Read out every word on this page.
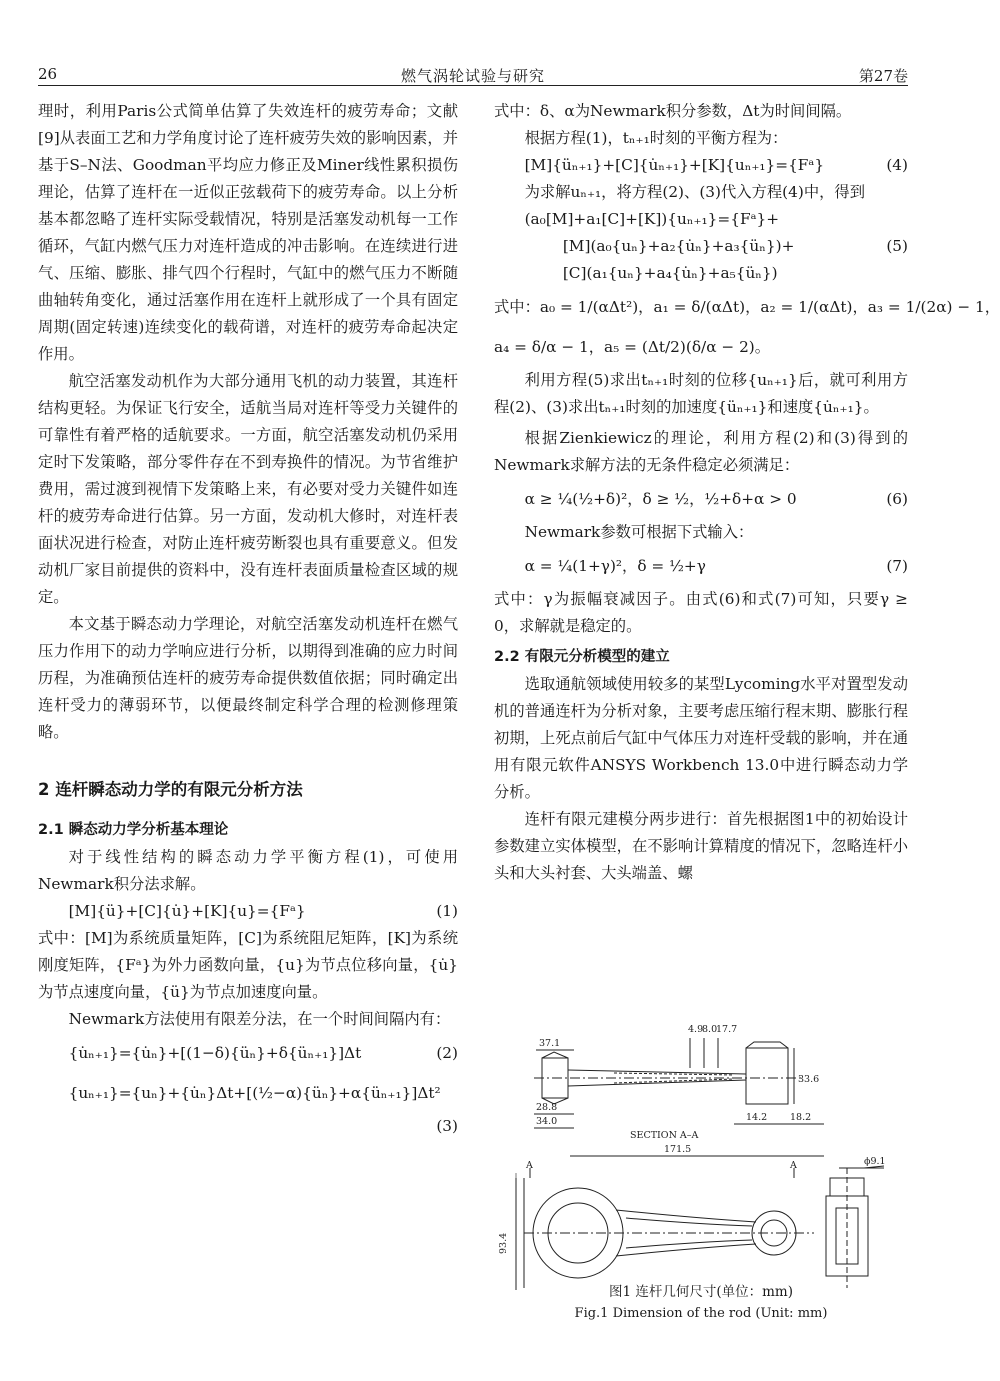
26	燃气涡轮试验与研究	第27卷

理时，利用Paris公式简单估算了失效连杆的疲劳寿命；文献[9]从表面工艺和力学角度讨论了连杆疲劳失效的影响因素，并基于S–N法、Goodman平均应力修正及Miner线性累积损伤理论，估算了连杆在一近似正弦载荷下的疲劳寿命。以上分析基本都忽略了连杆实际受载情况，特别是活塞发动机每一工作循环，气缸内燃气压力对连杆造成的冲击影响。在连续进行进气、压缩、膨胀、排气四个行程时，气缸中的燃气压力不断随曲轴转角变化，通过活塞作用在连杆上就形成了一个具有固定周期(固定转速)连续变化的载荷谱，对连杆的疲劳寿命起决定作用。

航空活塞发动机作为大部分通用飞机的动力装置，其连杆结构更轻。为保证飞行安全，适航当局对连杆等受力关键件的可靠性有着严格的适航要求。一方面，航空活塞发动机仍采用定时下发策略，部分零件存在不到寿换件的情况。为节省维护费用，需过渡到视情下发策略上来，有必要对受力关键件如连杆的疲劳寿命进行估算。另一方面，发动机大修时，对连杆表面状况进行检查，对防止连杆疲劳断裂也具有重要意义。但发动机厂家目前提供的资料中，没有连杆表面质量检查区域的规定。

本文基于瞬态动力学理论，对航空活塞发动机连杆在燃气压力作用下的动力学响应进行分析，以期得到准确的应力时间历程，为准确预估连杆的疲劳寿命提供数值依据；同时确定出连杆受力的薄弱环节，以便最终制定科学合理的检测修理策略。

2 连杆瞬态动力学的有限元分析方法
2.1 瞬态动力学分析基本理论

对于线性结构的瞬态动力学平衡方程(1)，可使用Newmark积分法求解。

[M]{ü}+[C]{u̇}+[K]{u}={Fᵃ}	(1)

式中：[M]为系统质量矩阵，[C]为系统阻尼矩阵，[K]为系统刚度矩阵，{Fᵃ}为外力函数向量，{u}为节点位移向量，{u̇}为节点速度向量，{ü}为节点加速度向量。

Newmark方法使用有限差分法，在一个时间间隔内有：

{u̇ₙ₊₁}={u̇ₙ}+[(1−δ){üₙ}+δ{üₙ₊₁}]Δt	(2)
{uₙ₊₁}={uₙ}+{u̇ₙ}Δt+[(½−α){üₙ}+α{üₙ₊₁}]Δt²
(3)

式中：δ、α为Newmark积分参数，Δt为时间间隔。

根据方程(1)，tₙ₊₁时刻的平衡方程为：

[M]{üₙ₊₁}+[C]{u̇ₙ₊₁}+[K]{uₙ₊₁}={Fᵃ}	(4)

为求解uₙ₊₁，将方程(2)、(3)代入方程(4)中，得到

(a₀[M]+a₁[C]+[K]){uₙ₊₁}={Fᵃ}+
[M](a₀{uₙ}+a₂{u̇ₙ}+a₃{üₙ})+	(5)
[C](a₁{uₙ}+a₄{u̇ₙ}+a₅{üₙ})
式中：a₀ = 1/(αΔt²)，a₁ = δ/(αΔt)，a₂ = 1/(αΔt)，a₃ = 1/(2α) − 1，
a₄ = δ/α − 1，a₅ = (Δt/2)(δ/α − 2)。

利用方程(5)求出tₙ₊₁时刻的位移{uₙ₊₁}后，就可利用方程(2)、(3)求出tₙ₊₁时刻的加速度{üₙ₊₁}和速度{u̇ₙ₊₁}。

根据Zienkiewicz的理论，利用方程(2)和(3)得到的Newmark求解方法的无条件稳定必须满足：

α ≥ ¼(½+δ)²，δ ≥ ½，½+δ+α > 0	(6)

Newmark参数可根据下式输入：

α = ¼(1+γ)²，δ = ½+γ	(7)

式中：γ为振幅衰减因子。由式(6)和式(7)可知，只要γ ≥ 0，求解就是稳定的。

2.2 有限元分析模型的建立

选取通航领域使用较多的某型Lycoming水平对置型发动机的普通连杆为分析对象，主要考虑压缩行程末期、膨胀行程初期，上死点前后气缸中气体压力对连杆受载的影响，并在通用有限元软件ANSYS Workbench 13.0中进行瞬态动力学分析。

连杆有限元建模分两步进行：首先根据图1中的初始设计参数建立实体模型，在不影响计算精度的情况下，忽略连杆小头和大头衬套、大头端盖、螺

37.1
4.9
8.0
17.7
33.6
28.8
34.0	14.2 18.2
SECTION A–A
171.5
93.4
ϕ9.1
A	A
图1 连杆几何尺寸(单位：mm)
Fig.1 Dimension of the rod (Unit: mm)
